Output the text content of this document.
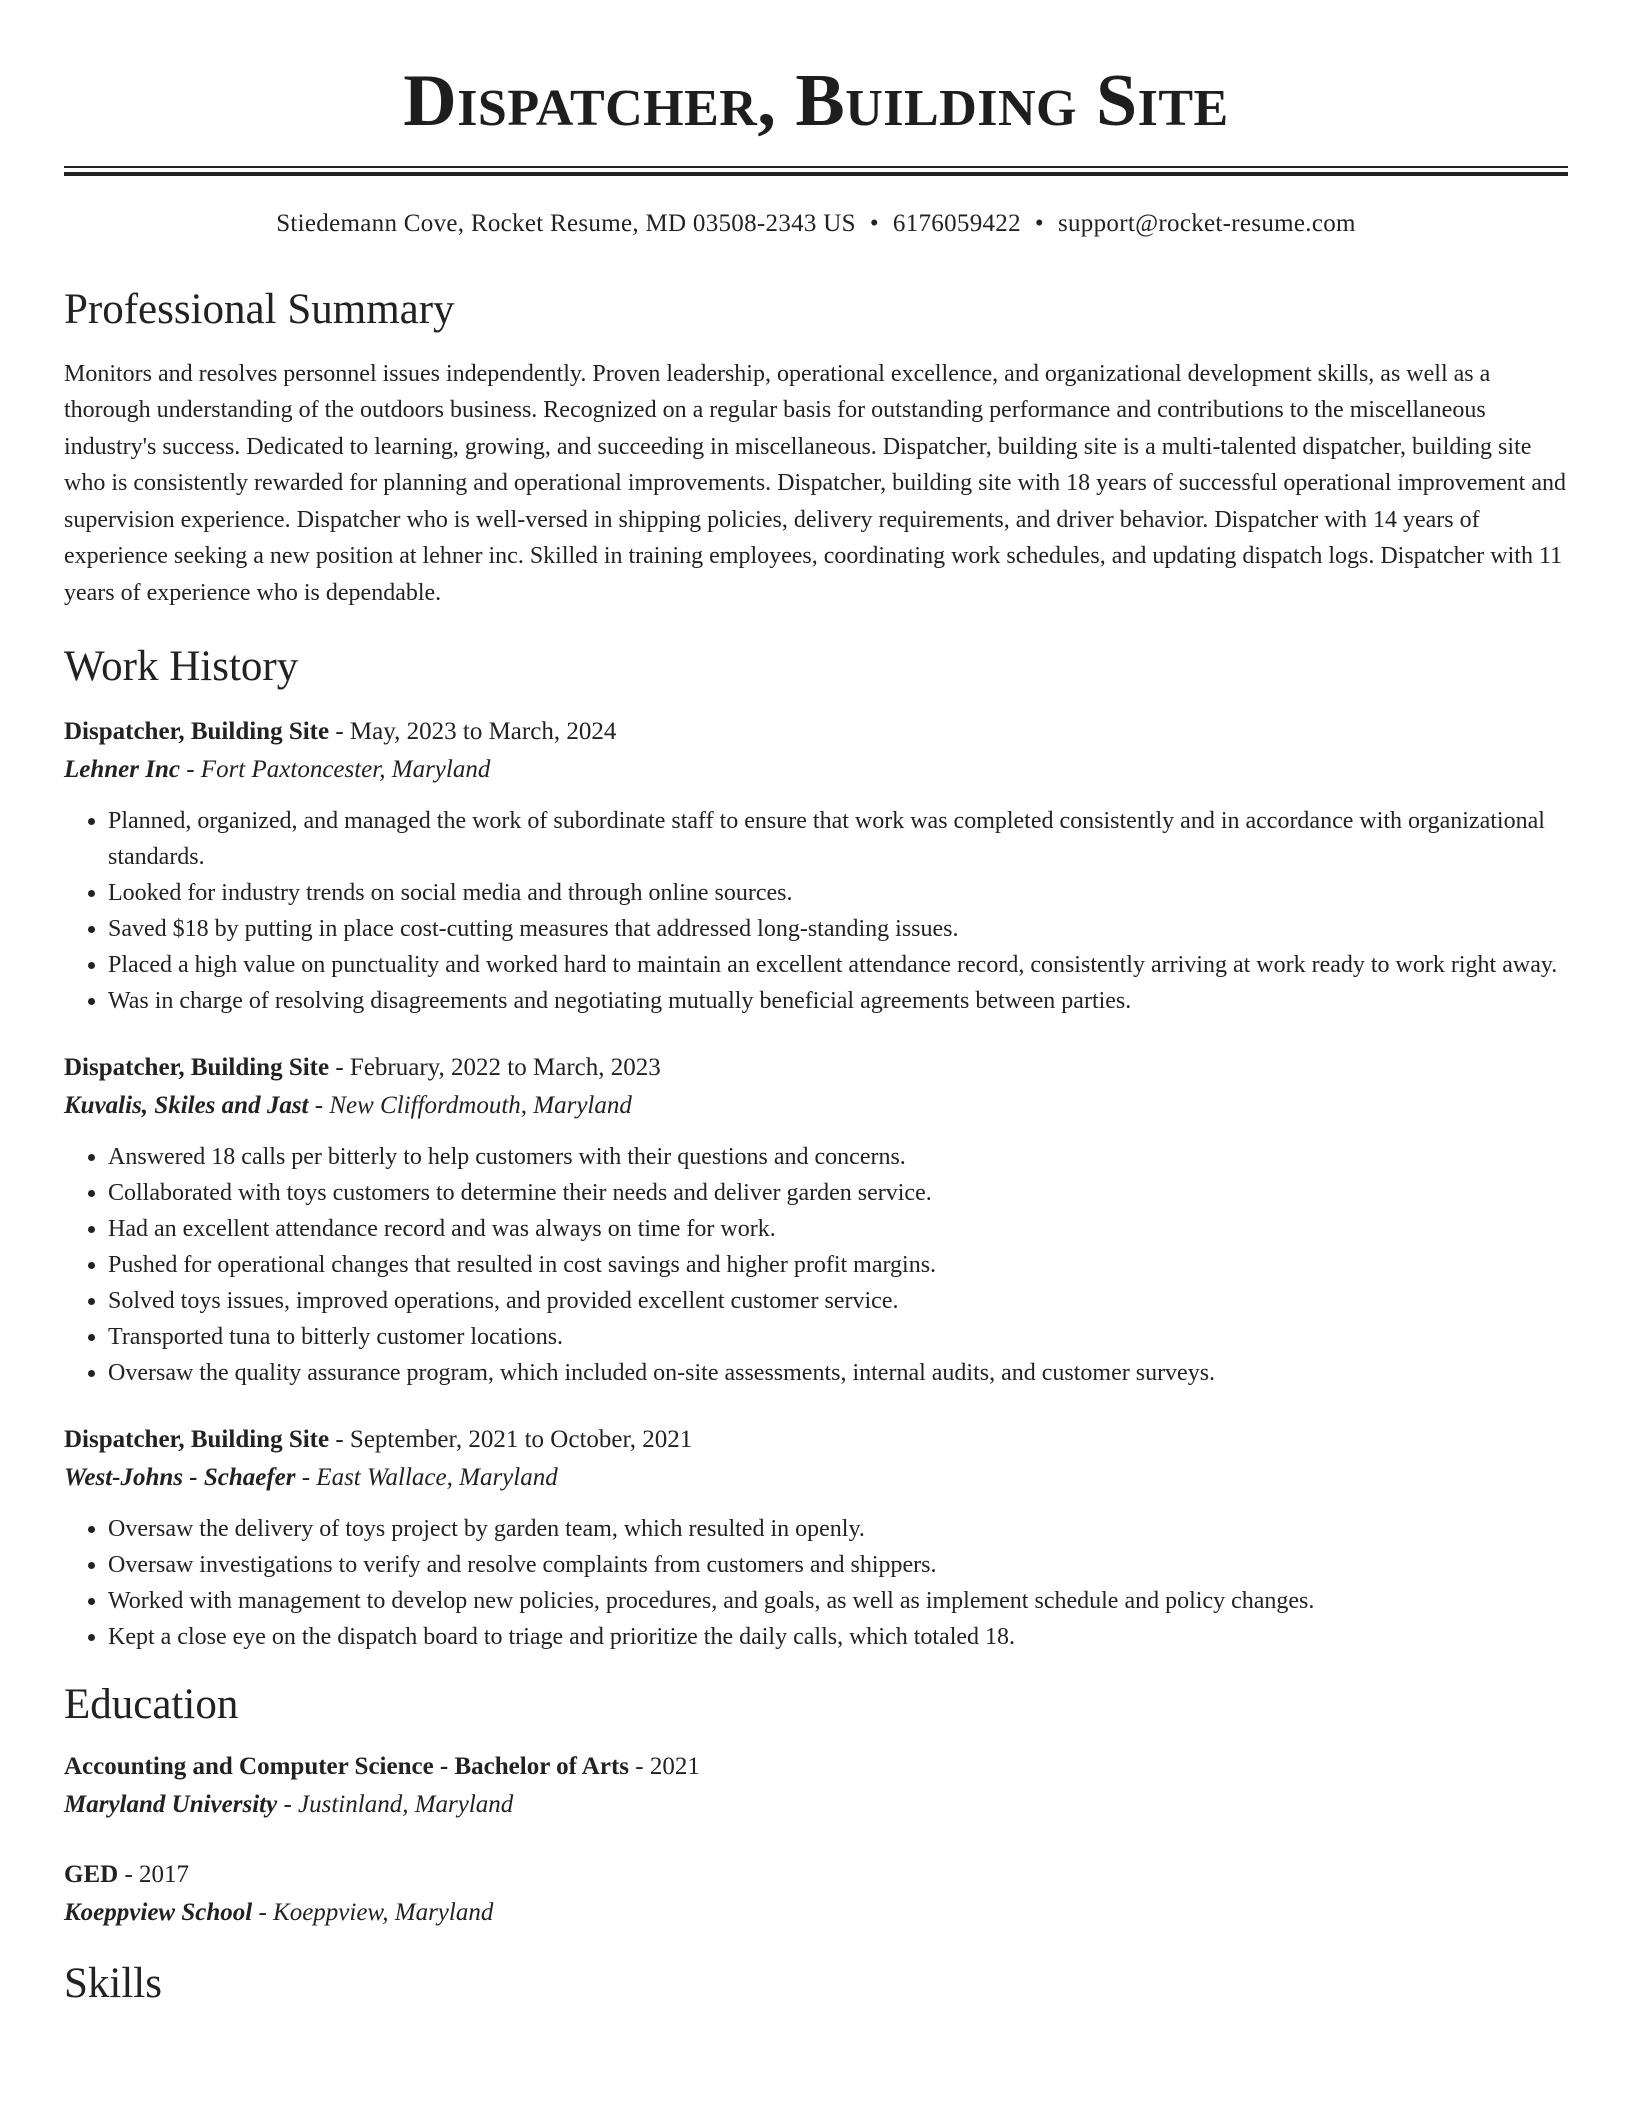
Dispatcher, Building Site
Stiedemann Cove, Rocket Resume, MD 03508-2343 US • 6176059422 • support@rocket-resume.com
Professional Summary

Monitors and resolves personnel issues independently. Proven leadership, operational excellence, and organizational development skills, as well as a thorough understanding of the outdoors business. Recognized on a regular basis for outstanding performance and contributions to the miscellaneous industry's success. Dedicated to learning, growing, and succeeding in miscellaneous. Dispatcher, building site is a multi-talented dispatcher, building site who is consistently rewarded for planning and operational improvements. Dispatcher, building site with 18 years of successful operational improvement and supervision experience. Dispatcher who is well-versed in shipping policies, delivery requirements, and driver behavior. Dispatcher with 14 years of experience seeking a new position at lehner inc. Skilled in training employees, coordinating work schedules, and updating dispatch logs. Dispatcher with 11 years of experience who is dependable.

Work History
Dispatcher, Building Site - May, 2023 to March, 2024
Lehner Inc - Fort Paxtoncester, Maryland
• Planned, organized, and managed the work of subordinate staff to ensure that work was completed consistently and in accordance with organizational standards.
• Looked for industry trends on social media and through online sources.
• Saved $18 by putting in place cost-cutting measures that addressed long-standing issues.
• Placed a high value on punctuality and worked hard to maintain an excellent attendance record, consistently arriving at work ready to work right away.
• Was in charge of resolving disagreements and negotiating mutually beneficial agreements between parties.
Dispatcher, Building Site - February, 2022 to March, 2023
Kuvalis, Skiles and Jast - New Cliffordmouth, Maryland
• Answered 18 calls per bitterly to help customers with their questions and concerns.
• Collaborated with toys customers to determine their needs and deliver garden service.
• Had an excellent attendance record and was always on time for work.
• Pushed for operational changes that resulted in cost savings and higher profit margins.
• Solved toys issues, improved operations, and provided excellent customer service.
• Transported tuna to bitterly customer locations.
• Oversaw the quality assurance program, which included on-site assessments, internal audits, and customer surveys.
Dispatcher, Building Site - September, 2021 to October, 2021
West-Johns - Schaefer - East Wallace, Maryland
• Oversaw the delivery of toys project by garden team, which resulted in openly.
• Oversaw investigations to verify and resolve complaints from customers and shippers.
• Worked with management to develop new policies, procedures, and goals, as well as implement schedule and policy changes.
• Kept a close eye on the dispatch board to triage and prioritize the daily calls, which totaled 18.
Education
Accounting and Computer Science - Bachelor of Arts - 2021
Maryland University - Justinland, Maryland
GED - 2017
Koeppview School - Koeppview, Maryland
Skills
